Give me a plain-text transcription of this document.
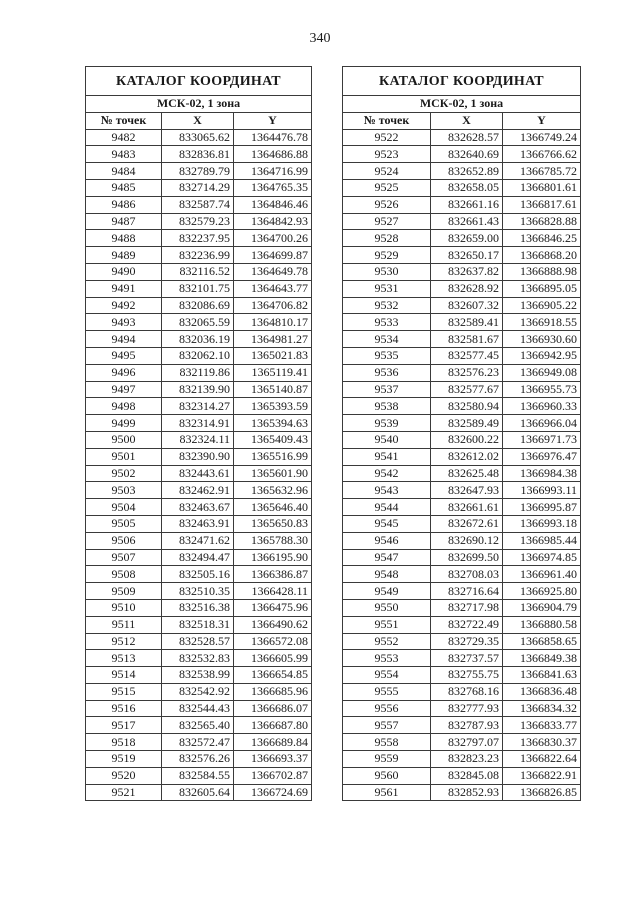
340
КАТАЛОГ КООРДИНАТ		
МСК-02, 1 зона		
№ точек	X	Y
9482	833065.62	1364476.78
9483	832836.81	1364686.88
9484	832789.79	1364716.99
9485	832714.29	1364765.35
9486	832587.74	1364846.46
9487	832579.23	1364842.93
9488	832237.95	1364700.26
9489	832236.99	1364699.87
9490	832116.52	1364649.78
9491	832101.75	1364643.77
9492	832086.69	1364706.82
9493	832065.59	1364810.17
9494	832036.19	1364981.27
9495	832062.10	1365021.83
9496	832119.86	1365119.41
9497	832139.90	1365140.87
9498	832314.27	1365393.59
9499	832314.91	1365394.63
9500	832324.11	1365409.43
9501	832390.90	1365516.99
9502	832443.61	1365601.90
9503	832462.91	1365632.96
9504	832463.67	1365646.40
9505	832463.91	1365650.83
9506	832471.62	1365788.30
9507	832494.47	1366195.90
9508	832505.16	1366386.87
9509	832510.35	1366428.11
9510	832516.38	1366475.96
9511	832518.31	1366490.62
9512	832528.57	1366572.08
9513	832532.83	1366605.99
9514	832538.99	1366654.85
9515	832542.92	1366685.96
9516	832544.43	1366686.07
9517	832565.40	1366687.80
9518	832572.47	1366689.84
9519	832576.26	1366693.37
9520	832584.55	1366702.87
9521	832605.64	1366724.69
КАТАЛОГ КООРДИНАТ		
МСК-02, 1 зона		
№ точек	X	Y
9522	832628.57	1366749.24
9523	832640.69	1366766.62
9524	832652.89	1366785.72
9525	832658.05	1366801.61
9526	832661.16	1366817.61
9527	832661.43	1366828.88
9528	832659.00	1366846.25
9529	832650.17	1366868.20
9530	832637.82	1366888.98
9531	832628.92	1366895.05
9532	832607.32	1366905.22
9533	832589.41	1366918.55
9534	832581.67	1366930.60
9535	832577.45	1366942.95
9536	832576.23	1366949.08
9537	832577.67	1366955.73
9538	832580.94	1366960.33
9539	832589.49	1366966.04
9540	832600.22	1366971.73
9541	832612.02	1366976.47
9542	832625.48	1366984.38
9543	832647.93	1366993.11
9544	832661.61	1366995.87
9545	832672.61	1366993.18
9546	832690.12	1366985.44
9547	832699.50	1366974.85
9548	832708.03	1366961.40
9549	832716.64	1366925.80
9550	832717.98	1366904.79
9551	832722.49	1366880.58
9552	832729.35	1366858.65
9553	832737.57	1366849.38
9554	832755.75	1366841.63
9555	832768.16	1366836.48
9556	832777.93	1366834.32
9557	832787.93	1366833.77
9558	832797.07	1366830.37
9559	832823.23	1366822.64
9560	832845.08	1366822.91
9561	832852.93	1366826.85
